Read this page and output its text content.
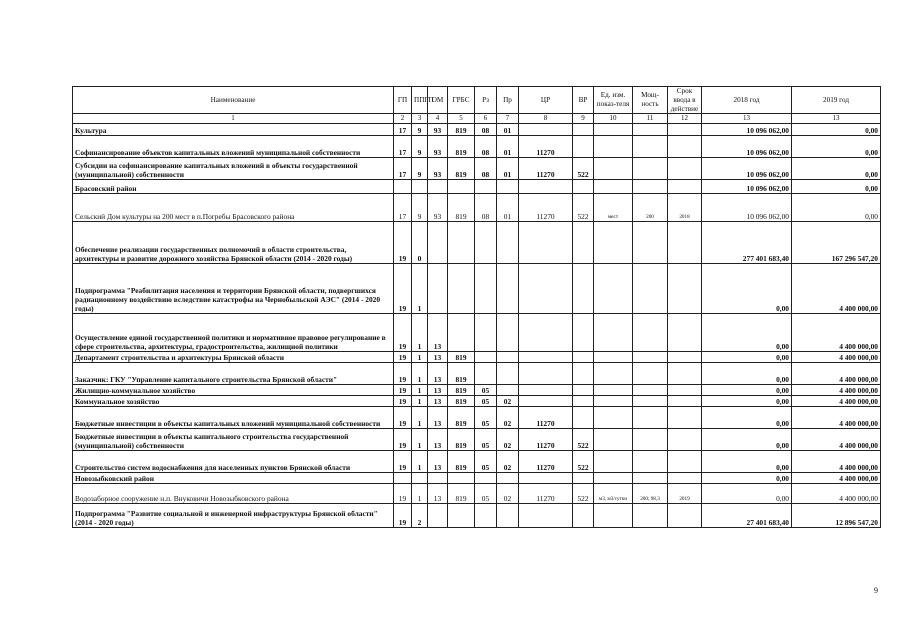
Наименование	ГП	ППГП	ОМ	ГРБС	Рз	Пр	ЦР	ВР	Ед. изм. показ-теля	Мощ-ность	Срок ввода в действие	2018 год	2019 год
1	2	3	4	5	6	7	8	9	10	11	12	13	13
Культура	17	9	93	819	08	01						10 096 062,00	0,00
Софинансирование объектов капитальных вложений муниципальной собственности	17	9	93	819	08	01	11270					10 096 062,00	0,00
Субсидии на софинансирование капитальных вложений в объекты государственной (муниципальной) собственности	17	9	93	819	08	01	11270	522				10 096 062,00	0,00
Брасовский район												10 096 062,00	0,00
Сельский Дом культуры на 200 мест в п.Погребы Брасовского района	17	9	93	819	08	01	11270	522	мест	200	2018	10 096 062,00	0,00
Обеспечение реализации государственных полномочий в области строительства, архитектуры и развитие дорожного хозяйства Брянской области (2014 - 2020 годы)	19	0										277 401 683,40	167 296 547,20
Подпрограмма "Реабилитация населения и территории Брянской области, подвергшихся радиационному воздействию вследствие катастрофы на Чернобыльской АЭС" (2014 - 2020 годы)	19	1										0,00	4 400 000,00
Осуществление единой государственной политики и нормативное правовое регулирование в сфере строительства, архитектуры, градостроительства, жилищной политики	19	1	13									0,00	4 400 000,00
Департамент строительства и архитектуры Брянской области	19	1	13	819								0,00	4 400 000,00
Заказчик: ГКУ "Управление капитального строительства Брянской области"	19	1	13	819								0,00	4 400 000,00
Жилищно-коммунальное хозяйство	19	1	13	819	05							0,00	4 400 000,00
Коммунальное хозяйство	19	1	13	819	05	02						0,00	4 400 000,00
Бюджетные инвестиции в объекты капитальных вложений муниципальной собственности	19	1	13	819	05	02	11270					0,00	4 400 000,00
Бюджетные инвестиции в объекты капитального строительства государственной (муниципальной) собственности	19	1	13	819	05	02	11270	522				0,00	4 400 000,00
Строительство систем водоснабжения для населенных пунктов Брянской области	19	1	13	819	05	02	11270	522				0,00	4 400 000,00
Новозыбковский район												0,00	4 400 000,00
Водозаборное сооружение н.п. Внуковичи Новозыбковского района	19	1	13	819	05	02	11270	522	м3, м3/сутки	200; 98,3	2019	0,00	4 400 000,00
Подпрограмма "Развитие социальной и инженерной инфраструктуры Брянской области" (2014 - 2020 годы)	19	2										27 401 683,40	12 896 547,20
9
